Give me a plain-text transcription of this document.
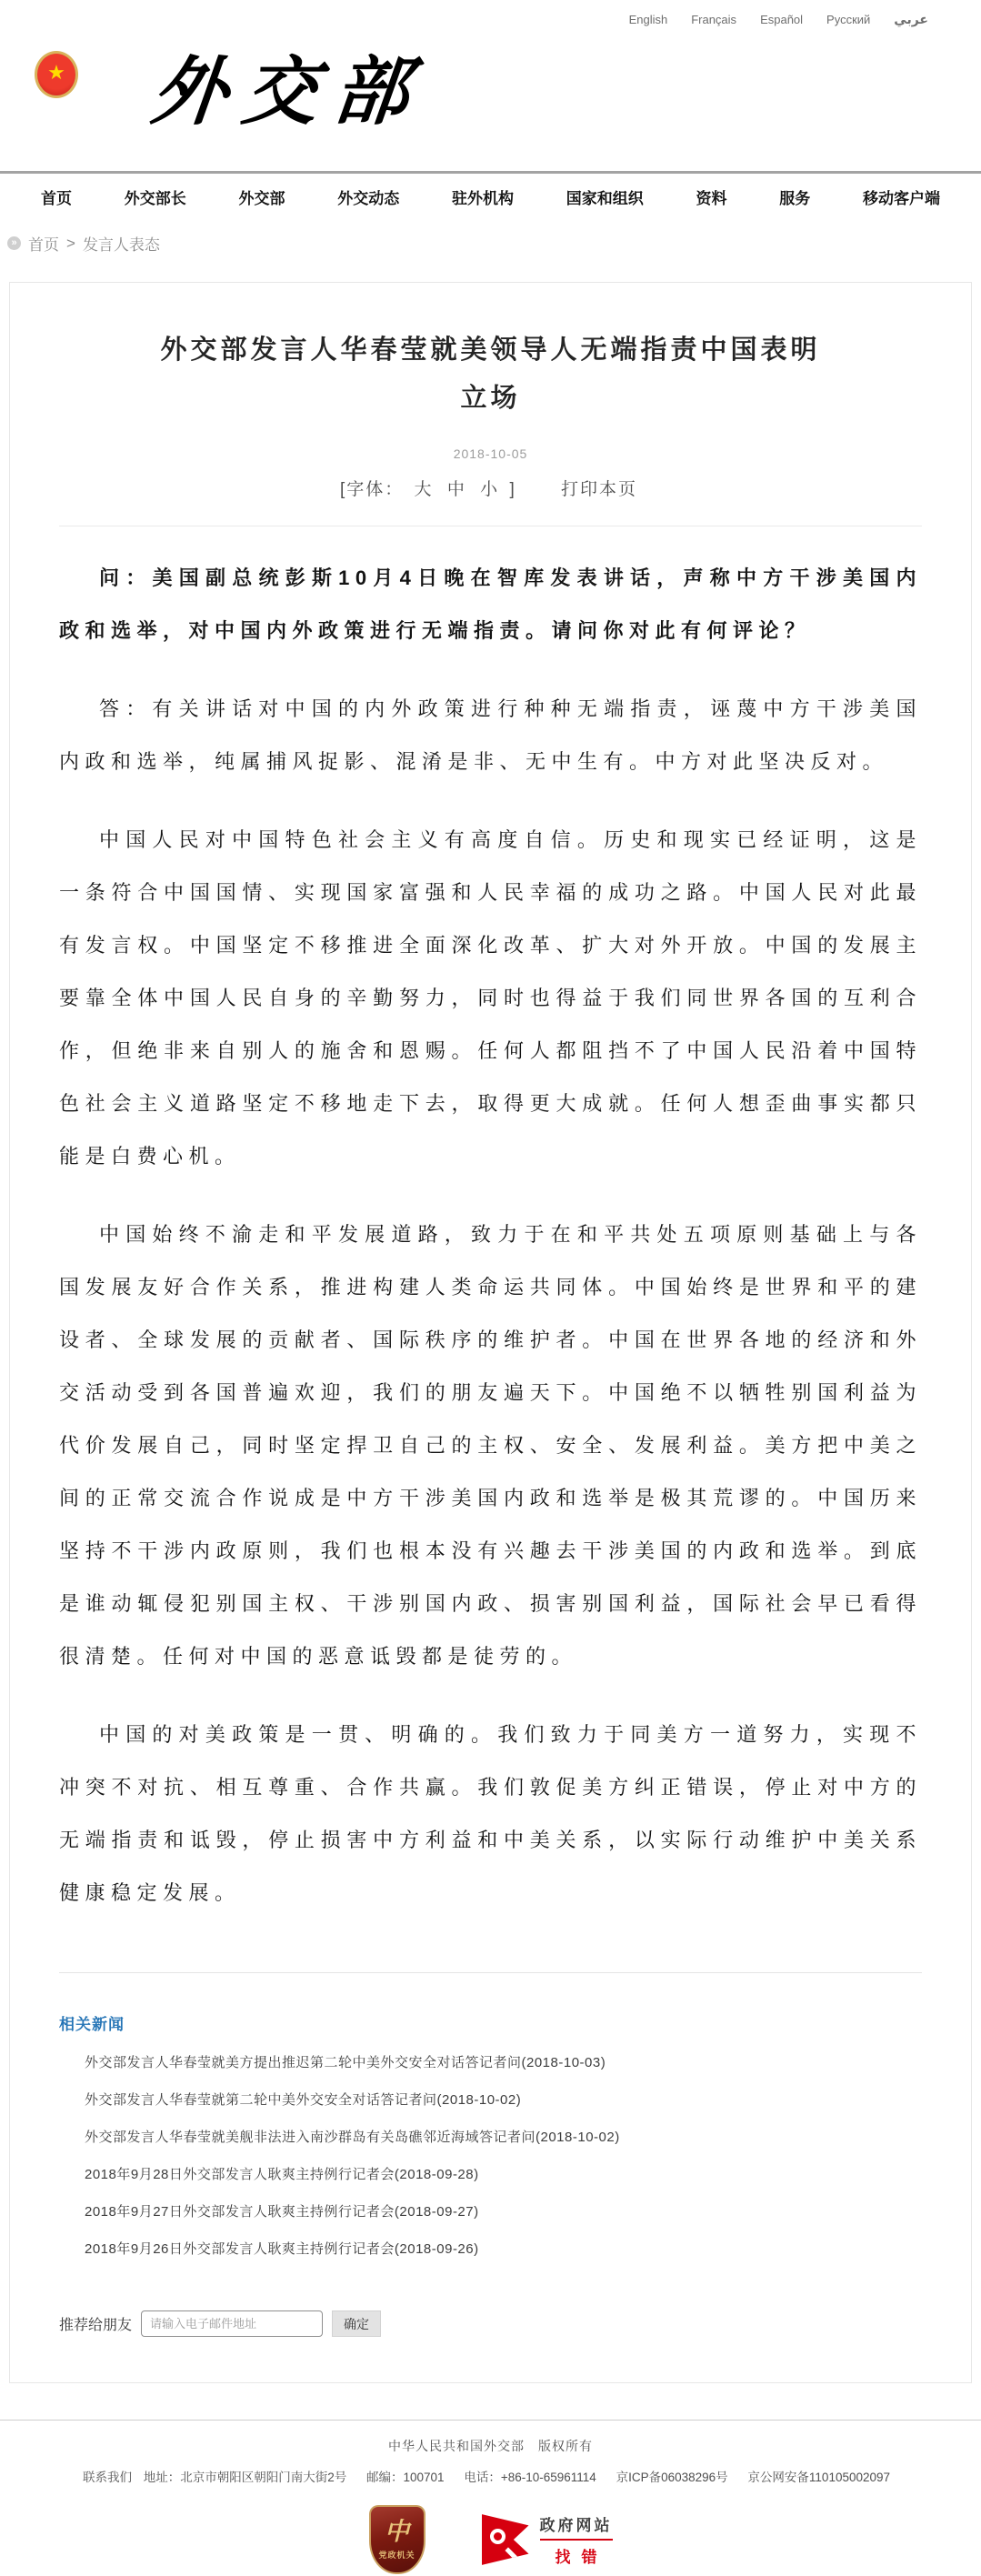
English Français Español Русский عربي
★ 外交部
首页	外交部长	外交部	外交动态	驻外机构	国家和组织	资料	服务	移动客户端
» 首页 > 发言人表态
外交部发言人华春莹就美领导人无端指责中国表明立场
2018-10-05
[字体： 大 中 小 ]	打印本页

问：美国副总统彭斯10月4日晚在智库发表讲话，声称中方干涉美国内政和选举，对中国内外政策进行无端指责。请问你对此有何评论？

答：有关讲话对中国的内外政策进行种种无端指责，诬蔑中方干涉美国内政和选举，纯属捕风捉影、混淆是非、无中生有。中方对此坚决反对。

中国人民对中国特色社会主义有高度自信。历史和现实已经证明，这是一条符合中国国情、实现国家富强和人民幸福的成功之路。中国人民对此最有发言权。中国坚定不移推进全面深化改革、扩大对外开放。中国的发展主要靠全体中国人民自身的辛勤努力，同时也得益于我们同世界各国的互利合作，但绝非来自别人的施舍和恩赐。任何人都阻挡不了中国人民沿着中国特色社会主义道路坚定不移地走下去，取得更大成就。任何人想歪曲事实都只能是白费心机。

中国始终不渝走和平发展道路，致力于在和平共处五项原则基础上与各国发展友好合作关系，推进构建人类命运共同体。中国始终是世界和平的建设者、全球发展的贡献者、国际秩序的维护者。中国在世界各地的经济和外交活动受到各国普遍欢迎，我们的朋友遍天下。中国绝不以牺牲别国利益为代价发展自己，同时坚定捍卫自己的主权、安全、发展利益。美方把中美之间的正常交流合作说成是中方干涉美国内政和选举是极其荒谬的。中国历来坚持不干涉内政原则，我们也根本没有兴趣去干涉美国的内政和选举。到底是谁动辄侵犯别国主权、干涉别国内政、损害别国利益，国际社会早已看得很清楚。任何对中国的恶意诋毁都是徒劳的。

中国的对美政策是一贯、明确的。我们致力于同美方一道努力，实现不冲突不对抗、相互尊重、合作共赢。我们敦促美方纠正错误，停止对中方的无端指责和诋毁，停止损害中方利益和中美关系，以实际行动维护中美关系健康稳定发展。

相关新闻
外交部发言人华春莹就美方提出推迟第二轮中美外交安全对话答记者问(2018-10-03)
外交部发言人华春莹就第二轮中美外交安全对话答记者问(2018-10-02)
外交部发言人华春莹就美舰非法进入南沙群岛有关岛礁邻近海域答记者问(2018-10-02)
2018年9月28日外交部发言人耿爽主持例行记者会(2018-09-28)
2018年9月27日外交部发言人耿爽主持例行记者会(2018-09-27)
2018年9月26日外交部发言人耿爽主持例行记者会(2018-09-26)
推荐给朋友
请输入电子邮件地址	确定
中华人民共和国外交部　版权所有
联系我们 地址：北京市朝阳区朝阳门南大街2号 邮编：100701 电话：+86-10-65961114 京ICP备06038296号 京公网安备110105002097
中
党政机关
政府网站
找错
